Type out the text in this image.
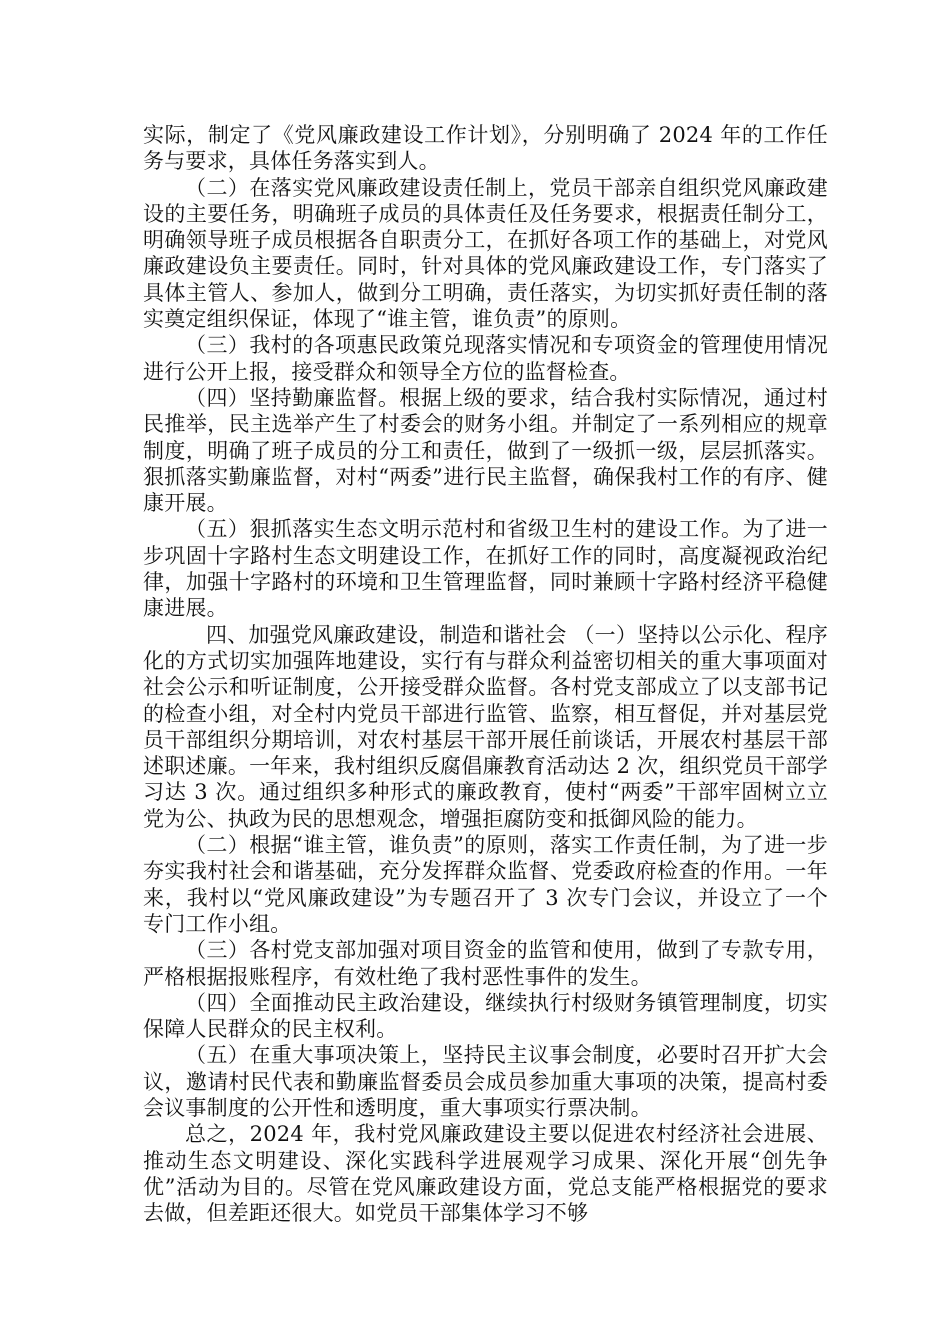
实际，制定了《党风廉政建设工作计划》，分别明确了 2024 年的工作任务与要求，具体任务落实到人。

（二）在落实党风廉政建设责任制上，党员干部亲自组织党风廉政建设的主要任务，明确班子成员的具体责任及任务要求，根据责任制分工，明确领导班子成员根据各自职责分工，在抓好各项工作的基础上，对党风廉政建设负主要责任。同时，针对具体的党风廉政建设工作，专门落实了具体主管人、参加人，做到分工明确，责任落实，为切实抓好责任制的落实奠定组织保证，体现了“谁主管，谁负责”的原则。

（三）我村的各项惠民政策兑现落实情况和专项资金的管理使用情况进行公开上报，接受群众和领导全方位的监督检查。

（四）坚持勤廉监督。根据上级的要求，结合我村实际情况，通过村民推举，民主选举产生了村委会的财务小组。并制定了一系列相应的规章制度，明确了班子成员的分工和责任，做到了一级抓一级，层层抓落实。狠抓落实勤廉监督，对村“两委”进行民主监督，确保我村工作的有序、健康开展。

（五）狠抓落实生态文明示范村和省级卫生村的建设工作。为了进一步巩固十字路村生态文明建设工作，在抓好工作的同时，高度凝视政治纪律，加强十字路村的环境和卫生管理监督，同时兼顾十字路村经济平稳健康进展。

四、加强党风廉政建设，制造和谐社会 （一）坚持以公示化、程序化的方式切实加强阵地建设，实行有与群众利益密切相关的重大事项面对社会公示和听证制度，公开接受群众监督。各村党支部成立了以支部书记的检查小组，对全村内党员干部进行监管、监察，相互督促，并对基层党员干部组织分期培训，对农村基层干部开展任前谈话，开展农村基层干部述职述廉。一年来，我村组织反腐倡廉教育活动达 2 次，组织党员干部学习达 3 次。通过组织多种形式的廉政教育，使村“两委”干部牢固树立立党为公、执政为民的思想观念，增强拒腐防变和抵御风险的能力。

（二）根据“谁主管，谁负责”的原则，落实工作责任制，为了进一步夯实我村社会和谐基础，充分发挥群众监督、党委政府检查的作用。一年来，我村以“党风廉政建设”为专题召开了 3 次专门会议，并设立了一个专门工作小组。

（三）各村党支部加强对项目资金的监管和使用，做到了专款专用，严格根据报账程序，有效杜绝了我村恶性事件的发生。

（四）全面推动民主政治建设，继续执行村级财务镇管理制度，切实保障人民群众的民主权利。

（五）在重大事项决策上，坚持民主议事会制度，必要时召开扩大会议，邀请村民代表和勤廉监督委员会成员参加重大事项的决策，提高村委会议事制度的公开性和透明度，重大事项实行票决制。

总之，2024 年，我村党风廉政建设主要以促进农村经济社会进展、推动生态文明建设、深化实践科学进展观学习成果、深化开展“创先争优”活动为目的。尽管在党风廉政建设方面，党总支能严格根据党的要求去做，但差距还很大。如党员干部集体学习不够
